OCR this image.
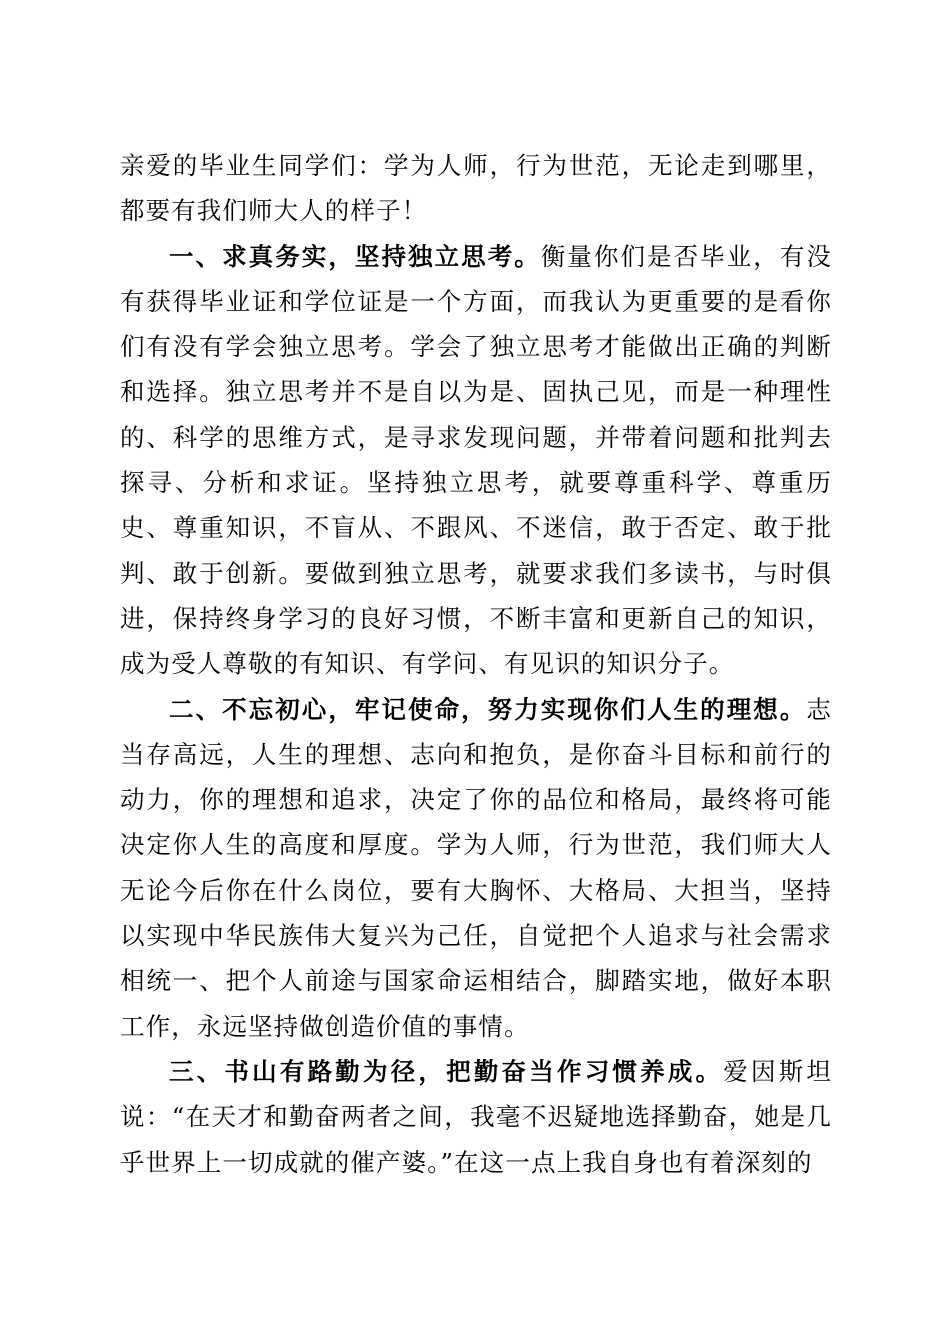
亲爱的毕业生同学们：学为人师，行为世范，无论走到哪里，都要有我们师大人的样子！

一、求真务实，坚持独立思考。衡量你们是否毕业，有没有获得毕业证和学位证是一个方面，而我认为更重要的是看你们有没有学会独立思考。学会了独立思考才能做出正确的判断和选择。独立思考并不是自以为是、固执己见，而是一种理性的、科学的思维方式，是寻求发现问题，并带着问题和批判去探寻、分析和求证。坚持独立思考，就要尊重科学、尊重历史、尊重知识，不盲从、不跟风、不迷信，敢于否定、敢于批判、敢于创新。要做到独立思考，就要求我们多读书，与时俱进，保持终身学习的良好习惯，不断丰富和更新自己的知识，成为受人尊敬的有知识、有学问、有见识的知识分子。

二、不忘初心，牢记使命，努力实现你们人生的理想。志当存高远，人生的理想、志向和抱负，是你奋斗目标和前行的动力，你的理想和追求，决定了你的品位和格局，最终将可能决定你人生的高度和厚度。学为人师，行为世范，我们师大人无论今后你在什么岗位，要有大胸怀、大格局、大担当，坚持以实现中华民族伟大复兴为己任，自觉把个人追求与社会需求相统一、把个人前途与国家命运相结合，脚踏实地，做好本职工作，永远坚持做创造价值的事情。

三、书山有路勤为径，把勤奋当作习惯养成。爱因斯坦说：“在天才和勤奋两者之间，我毫不迟疑地选择勤奋，她是几乎世界上一切成就的催产婆。”在这一点上我自身也有着深刻的
